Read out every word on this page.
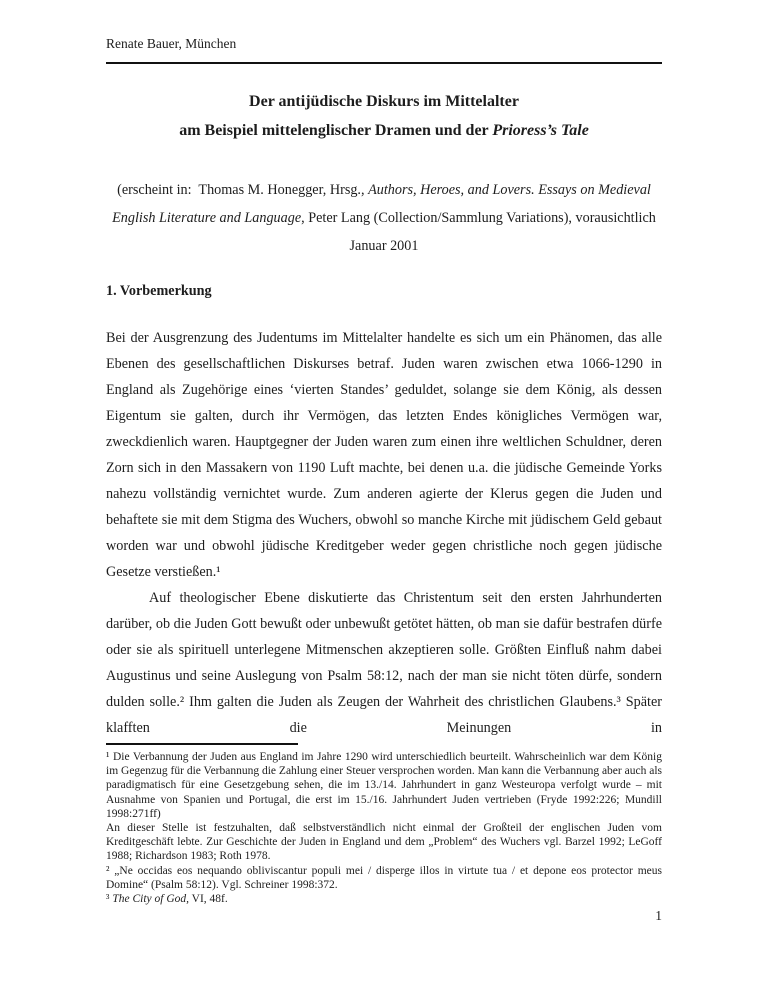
Renate Bauer, München
Der antijüdische Diskurs im Mittelalter
am Beispiel mittelenglischer Dramen und der Prioress’s Tale
(erscheint in:  Thomas M. Honegger, Hrsg., Authors, Heroes, and Lovers. Essays on Medieval English Literature and Language, Peter Lang (Collection/Sammlung Variations), vorausichtlich Januar 2001
1. Vorbemerkung

Bei der Ausgrenzung des Judentums im Mittelalter handelte es sich um ein Phänomen, das alle Ebenen des gesellschaftlichen Diskurses betraf. Juden waren zwischen etwa 1066-1290 in England als Zugehörige eines ‘vierten Standes’ geduldet, solange sie dem König, als dessen Eigentum sie galten, durch ihr Vermögen, das letzten Endes königliches Vermögen war, zweckdienlich waren. Hauptgegner der Juden waren zum einen ihre weltlichen Schuldner, deren Zorn sich in den Massakern von 1190 Luft machte, bei denen u.a. die jüdische Gemeinde Yorks nahezu vollständig vernichtet wurde. Zum anderen agierte der Klerus gegen die Juden und behaftete sie mit dem Stigma des Wuchers, obwohl so manche Kirche mit jüdischem Geld gebaut worden war und obwohl jüdische Kreditgeber weder gegen christliche noch gegen jüdische Gesetze verstießen.¹

Auf theologischer Ebene diskutierte das Christentum seit den ersten Jahrhunderten darüber, ob die Juden Gott bewußt oder unbewußt getötet hätten, ob man sie dafür bestrafen dürfe oder sie als spirituell unterlegene Mitmenschen akzeptieren solle. Größten Einfluß nahm dabei Augustinus und seine Auslegung von Psalm 58:12, nach der man sie nicht töten dürfe, sondern dulden solle.² Ihm galten die Juden als Zeugen der Wahrheit des christlichen Glaubens.³ Später klafften die Meinungen in

¹ Die Verbannung der Juden aus England im Jahre 1290 wird unterschiedlich beurteilt. Wahrscheinlich war dem König im Gegenzug für die Verbannung die Zahlung einer Steuer versprochen worden. Man kann die Verbannung aber auch als paradigmatisch für eine Gesetzgebung sehen, die im 13./14. Jahrhundert in ganz Westeuropa verfolgt wurde – mit Ausnahme von Spanien und Portugal, die erst im 15./16. Jahrhundert Juden vertrieben (Fryde 1992:226; Mundill 1998:271ff)

An dieser Stelle ist festzuhalten, daß selbstverständlich nicht einmal der Großteil der englischen Juden vom Kreditgeschäft lebte. Zur Geschichte der Juden in England und dem „Problem“ des Wuchers vgl. Barzel 1992; LeGoff 1988; Richardson 1983; Roth 1978.

² „Ne occidas eos nequando obliviscantur populi mei / disperge illos in virtute tua / et depone eos protector meus Domine“ (Psalm 58:12). Vgl. Schreiner 1998:372.

³ The City of God, VI, 48f.

1
